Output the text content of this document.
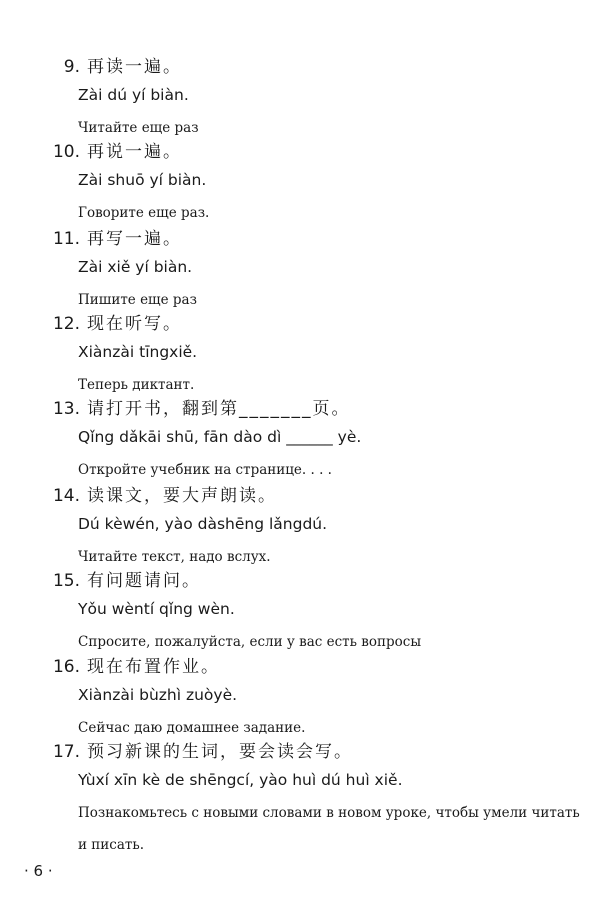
9. 再读一遍。
Zài dú yí biàn.
Читайте еще раз
10. 再说一遍。
Zài shuō yí biàn.
Говорите еще раз.
11. 再写一遍。
Zài xiě yí biàn.
Пишите еще раз
12. 现在听写。
Xiànzài tīngxiě.
Теперь диктант.
13. 请打开书，翻到第_______页。
Qǐng dǎkāi shū, fān dào dì ______ yè.
Откройте учебник на странице. . . .
14. 读课文，要大声朗读。
Dú kèwén, yào dàshēng lǎngdú.
Читайте текст, надо вслух.
15. 有问题请问。
Yǒu wèntí qǐng wèn.
Спросите, пожалуйста, если у вас есть вопросы
16. 现在布置作业。
Xiànzài bùzhì zuòyè.
Сейчас даю домашнее задание.
17. 预习新课的生词，要会读会写。
Yùxí xīn kè de shēngcí, yào huì dú huì xiě.
Познакомьтесь с новыми словами в новом уроке, чтобы умели читать
и писать.
· 6 ·
